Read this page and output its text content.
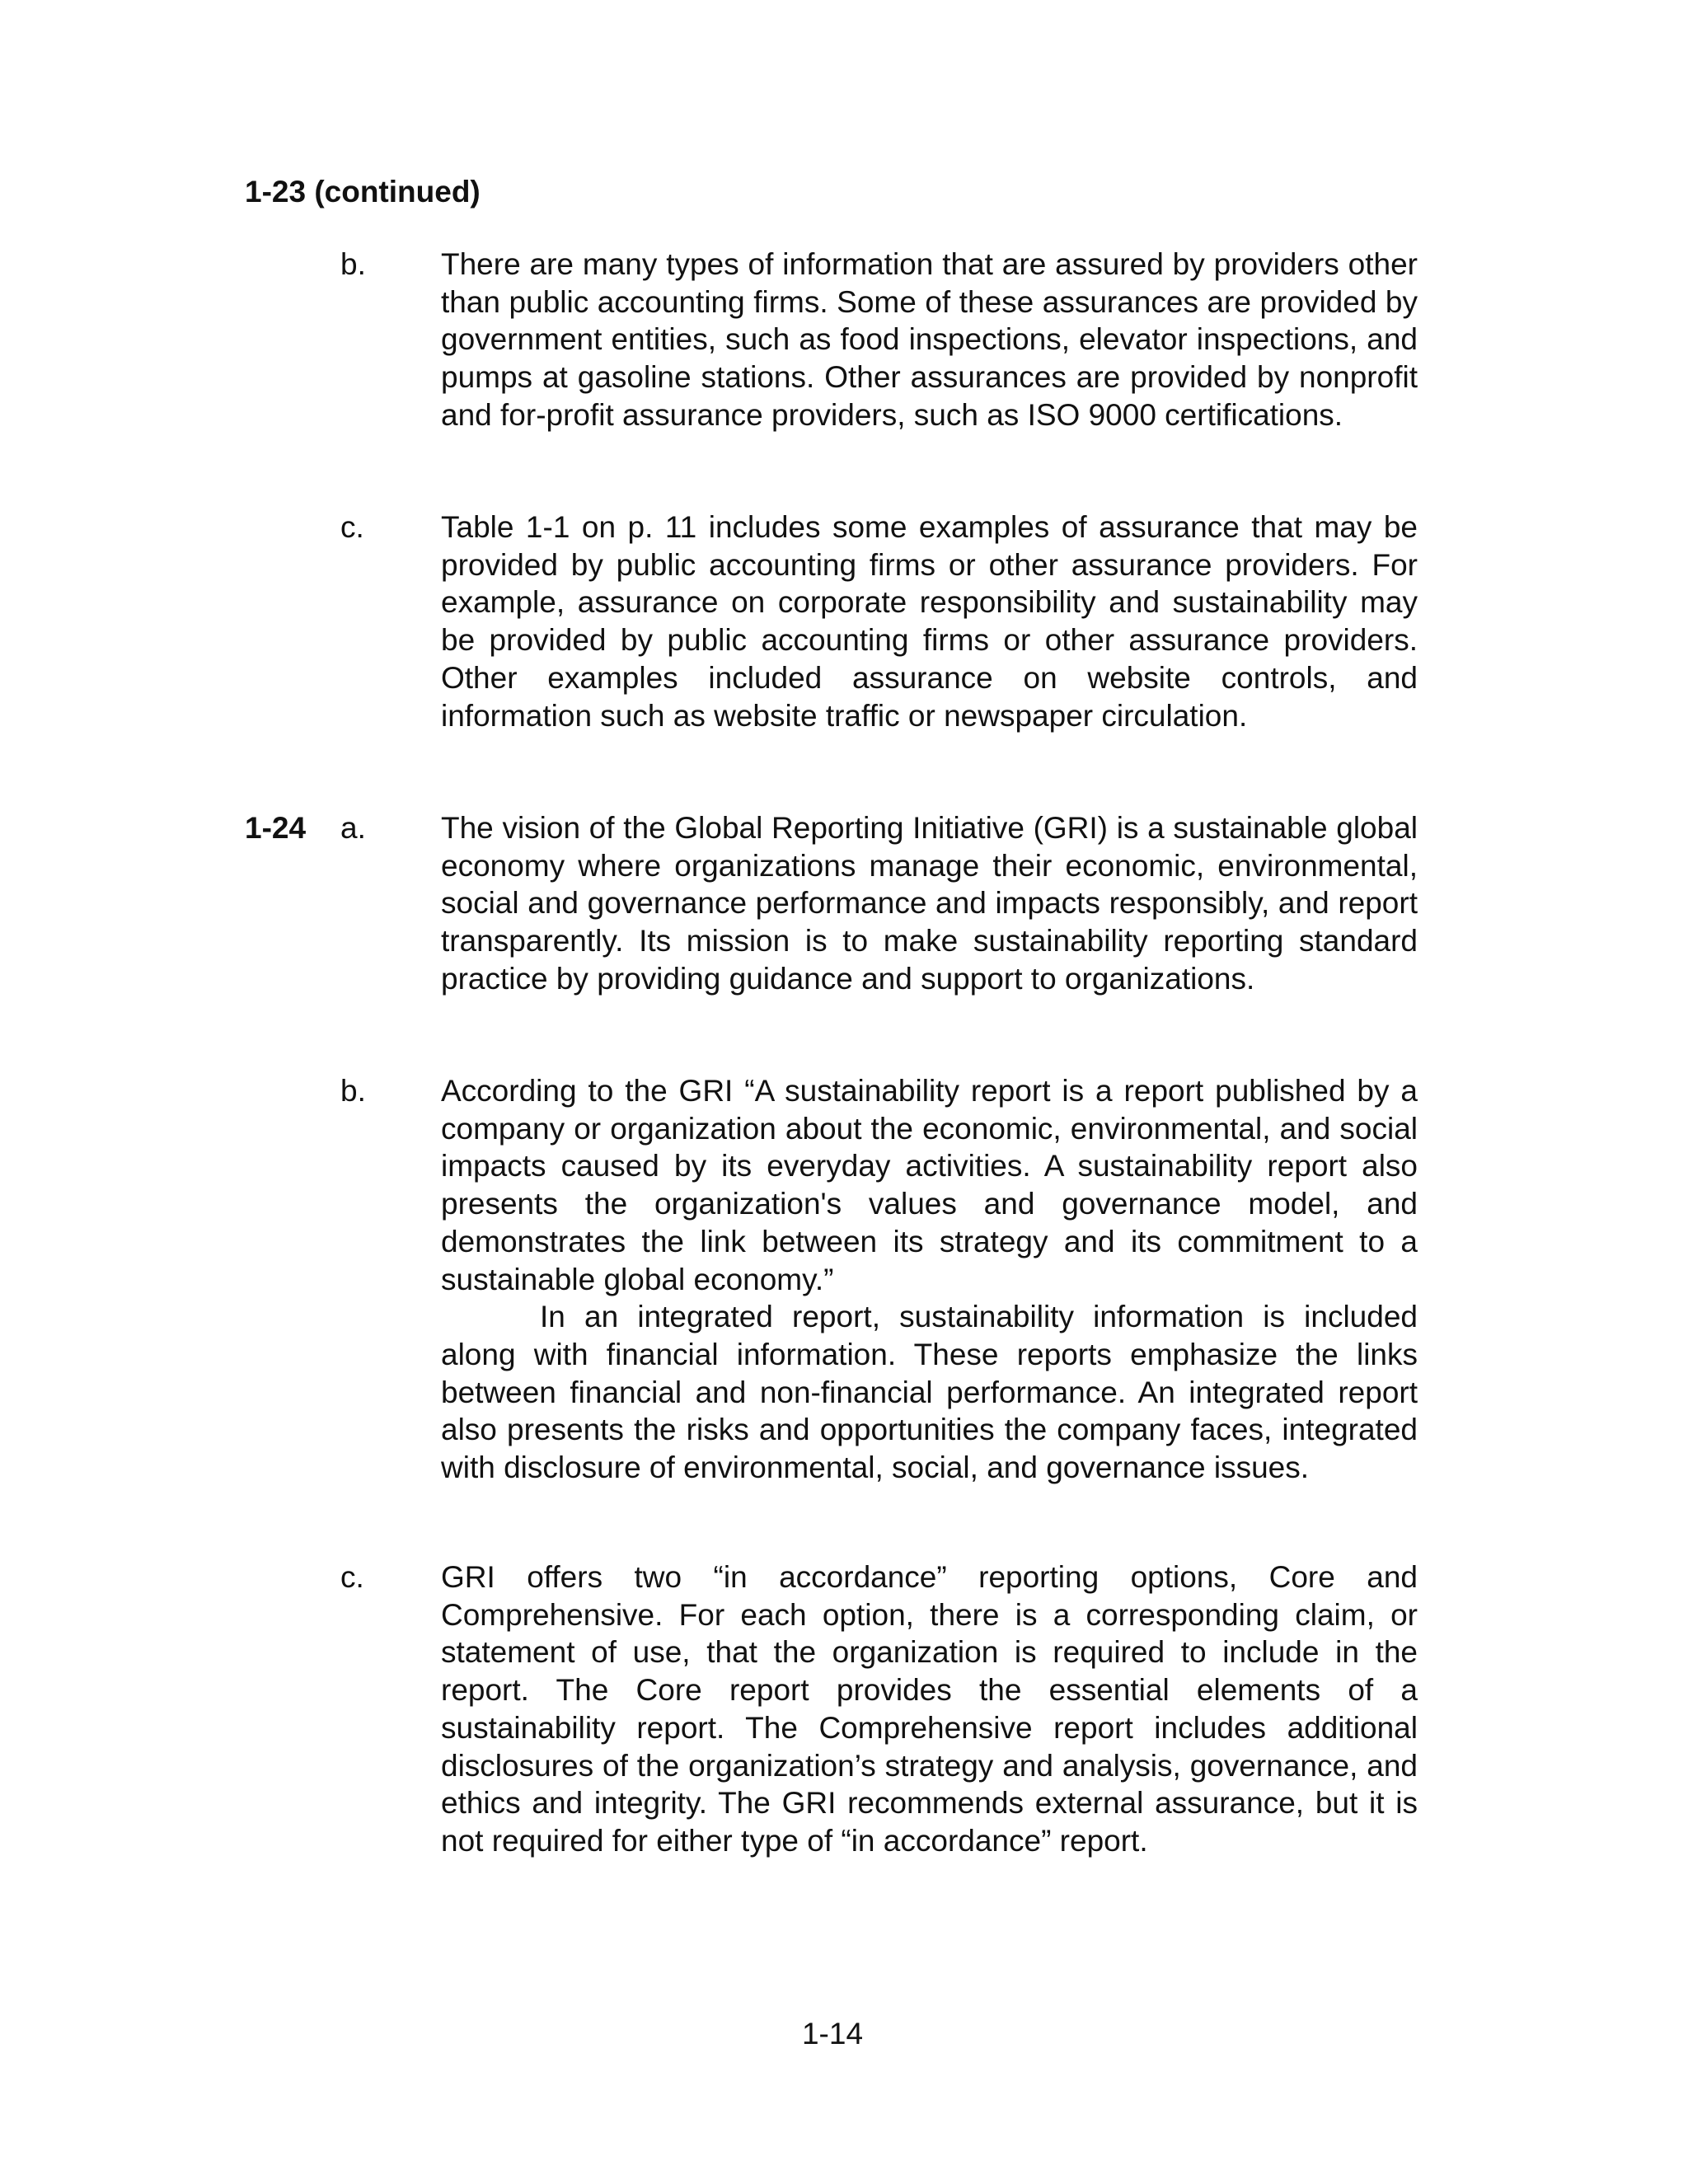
1-23 (continued)
b. There are many types of information that are assured by providers other than public accounting firms. Some of these assurances are provided by government entities, such as food inspections, elevator inspections, and pumps at gasoline stations. Other assurances are provided by nonprofit and for-profit assurance providers, such as ISO 9000 certifications.

c.	Table 1-1 on p. 11 includes some examples of assurance that may be provided by public accounting firms or other assurance providers. For example, assurance on corporate responsibility and sustainability may be provided by public accounting firms or other assurance providers. Other examples included assurance on website controls, and information such as website traffic or newspaper circulation.

1-24 a. The vision of the Global Reporting Initiative (GRI) is a sustainable global economy where organizations manage their economic, environmental, social and governance performance and impacts responsibly, and report transparently. Its mission is to make sustainability reporting standard practice by providing guidance and support to organizations.

b. According to the GRI “A sustainability report is a report published by a company or organization about the economic, environmental, and social impacts caused by its everyday activities. A sustainability report also presents the organization's values and governance model, and demonstrates the link between its strategy and its commitment to a sustainable global economy.”

In an integrated report, sustainability information is included along with financial information. These reports emphasize the links between financial and non-financial performance. An integrated report also presents the risks and opportunities the company faces, integrated with disclosure of environmental, social, and governance issues.

c.	GRI offers two “in accordance” reporting options, Core and Comprehensive. For each option, there is a corresponding claim, or statement of use, that the organization is required to include in the report. The Core report provides the essential elements of a sustainability report. The Comprehensive report includes additional disclosures of the organization’s strategy and analysis, governance, and ethics and integrity. The GRI recommends external assurance, but it is not required for either type of “in accordance” report.

1-14
